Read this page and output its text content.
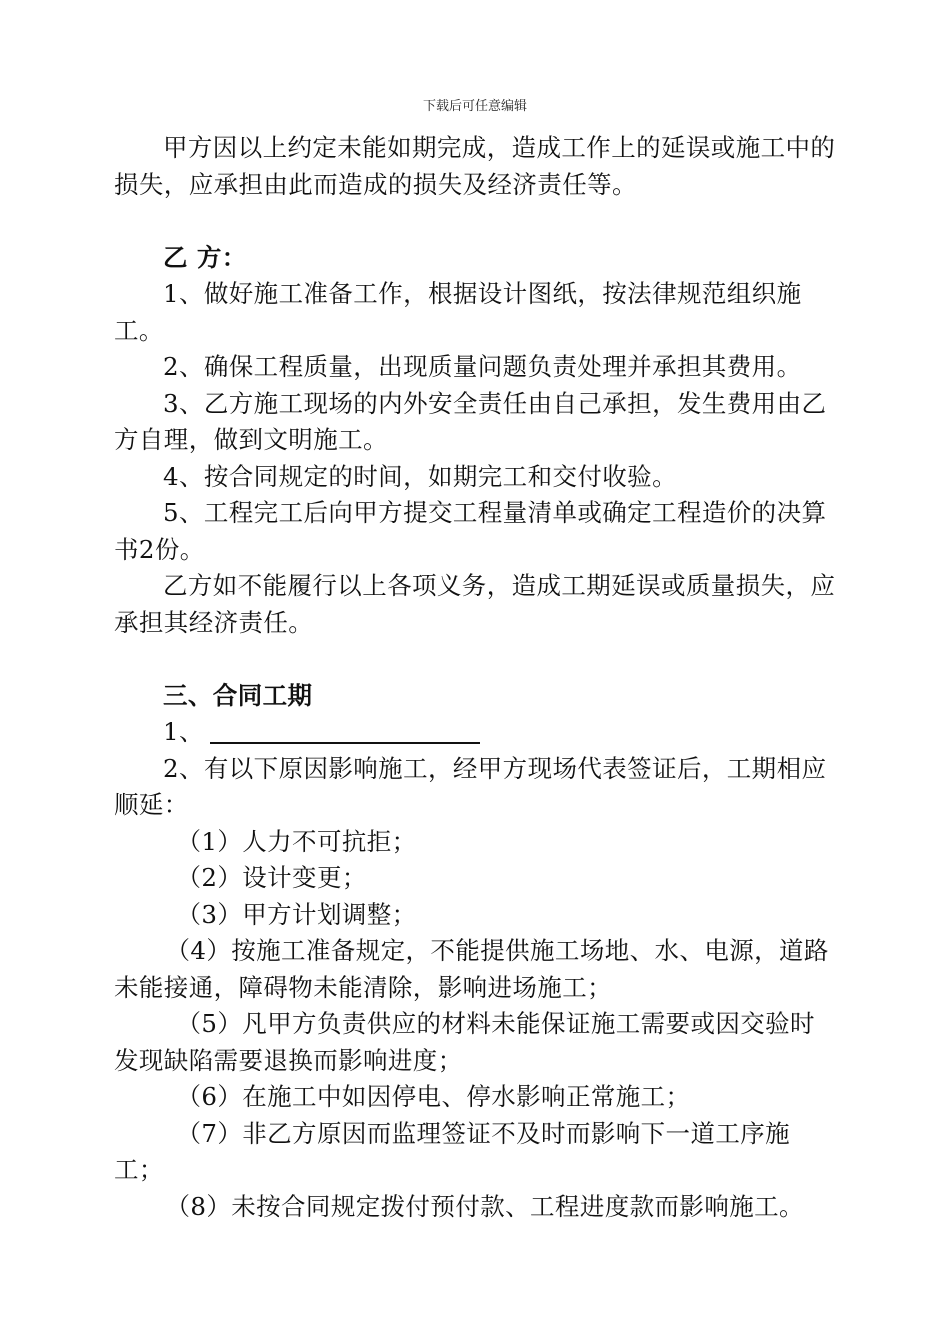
下载后可任意编辑

甲方因以上约定未能如期完成，造成工作上的延误或施工中的损失，应承担由此而造成的损失及经济责任等。

乙 方：

1、做好施工准备工作，根据设计图纸，按法律规范组织施工。

2、确保工程质量，出现质量问题负责处理并承担其费用。

3、乙方施工现场的内外安全责任由自己承担，发生费用由乙方自理，做到文明施工。

4、按合同规定的时间，如期完工和交付收验。

5、工程完工后向甲方提交工程量清单或确定工程造价的决算书2份。

乙方如不能履行以上各项义务，造成工期延误或质量损失，应承担其经济责任。

三、合同工期

1、

2、有以下原因影响施工，经甲方现场代表签证后，工期相应顺延：

（1）人力不可抗拒；

（2）设计变更；

（3）甲方计划调整；

（4）按施工准备规定，不能提供施工场地、水、电源，道路未能接通，障碍物未能清除，影响进场施工；

（5）凡甲方负责供应的材料未能保证施工需要或因交验时发现缺陷需要退换而影响进度；

（6）在施工中如因停电、停水影响正常施工；

（7）非乙方原因而监理签证不及时而影响下一道工序施工；

（8）未按合同规定拨付预付款、工程进度款而影响施工。
